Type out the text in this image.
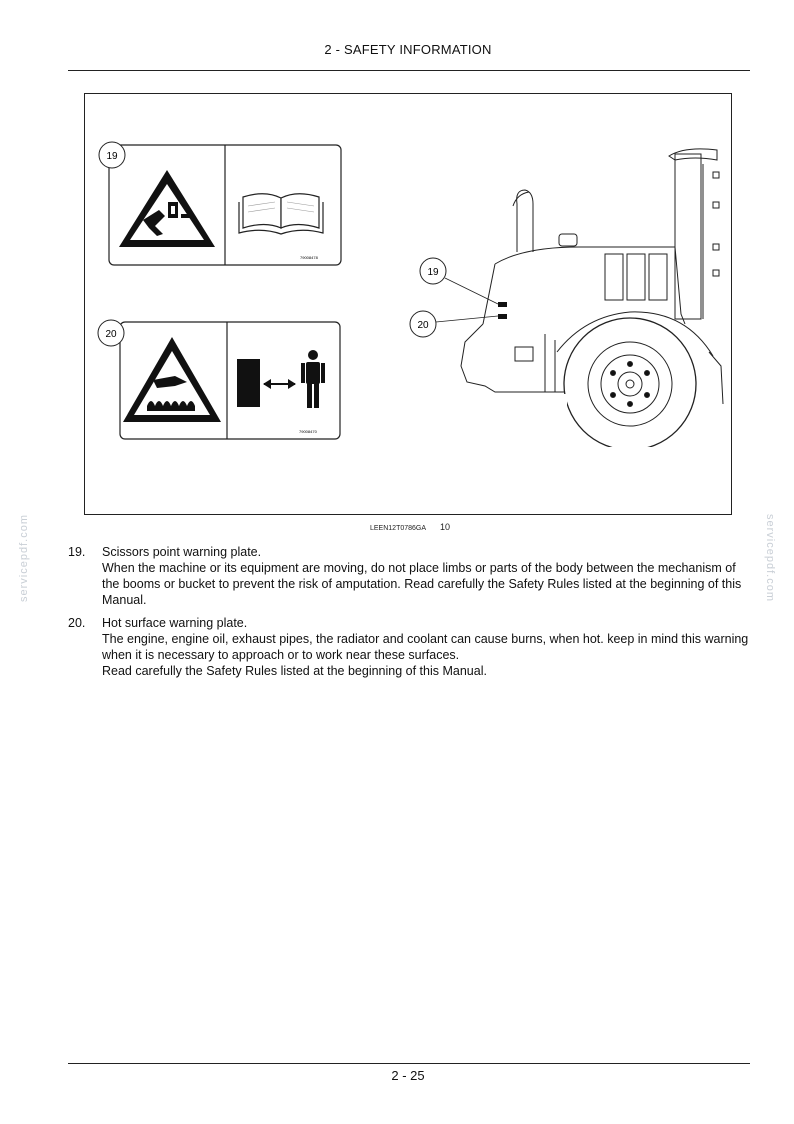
2 - SAFETY INFORMATION
79008478
19
79008470
20
19
20
LEEN12T0786GA 10
servicepdf.com	servicepdf.com
19.	Scissors point warning plate.

When the machine or its equipment are moving, do not place limbs or parts of the body between the mechanism of the booms or bucket to prevent the risk of amputation. Read carefully the Safety Rules listed at the beginning of this Manual.

20.	Hot surface warning plate.

The engine, engine oil, exhaust pipes, the radiator and coolant can cause burns, when hot. keep in mind this warning when it is necessary to approach or to work near these surfaces.

Read carefully the Safety Rules listed at the beginning of this Manual.

2 - 25
